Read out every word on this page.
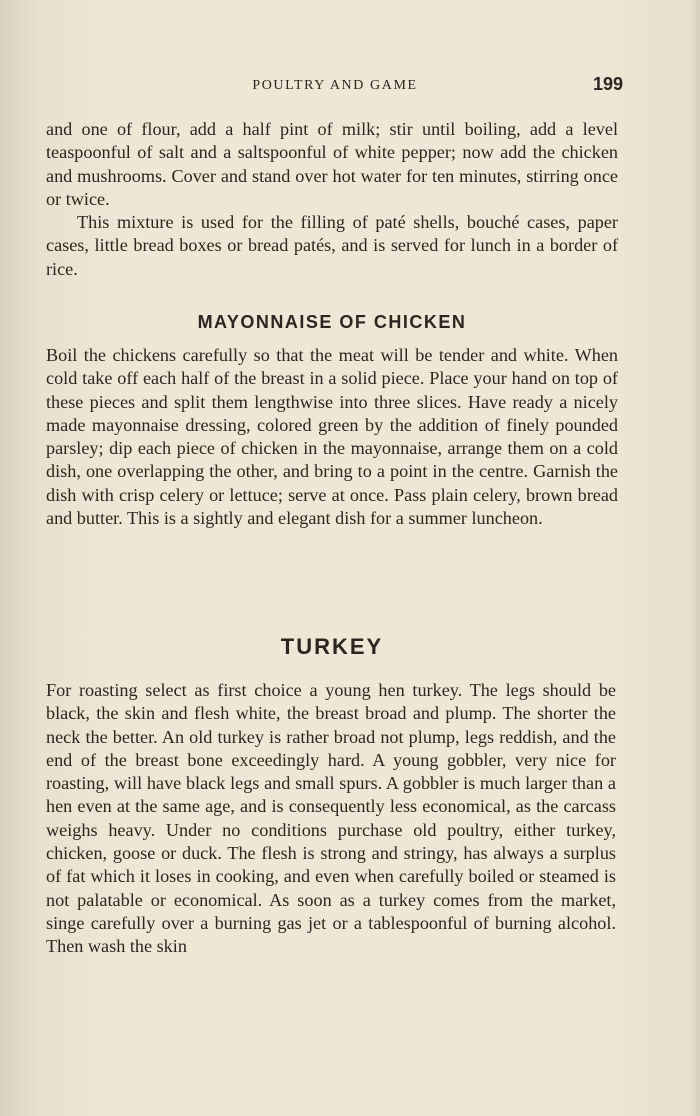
POULTRY AND GAME	199

and one of flour, add a half pint of milk; stir until boiling, add a level teaspoonful of salt and a saltspoonful of white pepper; now add the chicken and mushrooms. Cover and stand over hot water for ten minutes, stirring once or twice.

This mixture is used for the filling of paté shells, bouché cases, paper cases, little bread boxes or bread patés, and is served for lunch in a border of rice.

MAYONNAISE OF CHICKEN

Boil the chickens carefully so that the meat will be tender and white. When cold take off each half of the breast in a solid piece. Place your hand on top of these pieces and split them lengthwise into three slices. Have ready a nicely made mayonnaise dressing, colored green by the addition of finely pounded parsley; dip each piece of chicken in the mayonnaise, arrange them on a cold dish, one overlapping the other, and bring to a point in the centre. Garnish the dish with crisp celery or lettuce; serve at once. Pass plain celery, brown bread and butter. This is a sightly and elegant dish for a summer luncheon.

TURKEY

For roasting select as first choice a young hen turkey. The legs should be black, the skin and flesh white, the breast broad and plump. The shorter the neck the better. An old turkey is rather broad not plump, legs reddish, and the end of the breast bone exceedingly hard. A young gobbler, very nice for roasting, will have black legs and small spurs. A gobbler is much larger than a hen even at the same age, and is consequently less economical, as the carcass weighs heavy. Under no conditions purchase old poultry, either turkey, chicken, goose or duck. The flesh is strong and stringy, has always a surplus of fat which it loses in cooking, and even when carefully boiled or steamed is not palatable or economical. As soon as a turkey comes from the market, singe carefully over a burning gas jet or a tablespoonful of burning alcohol. Then wash the skin
